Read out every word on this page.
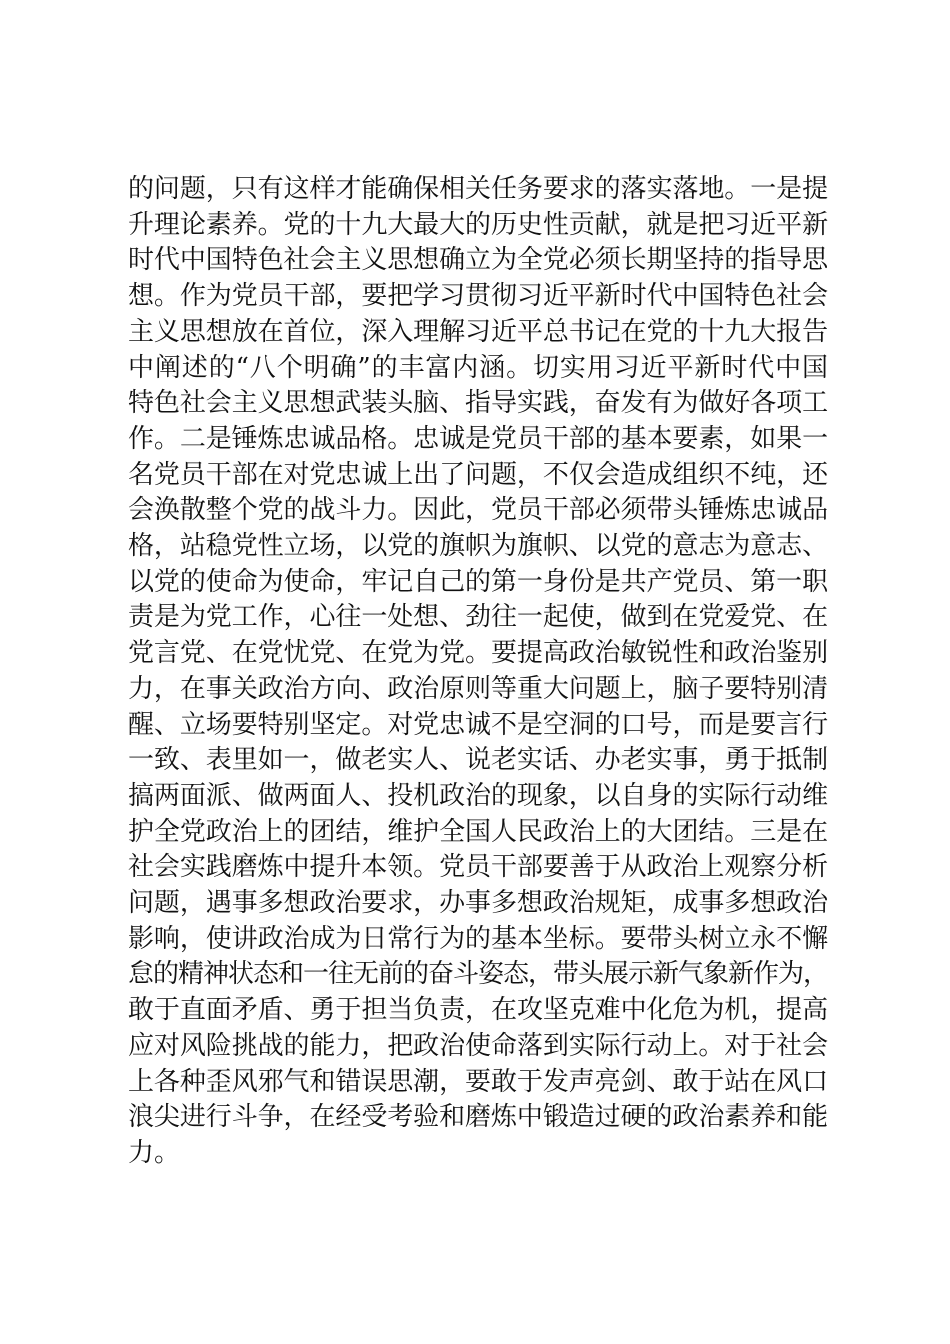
的问题，只有这样才能确保相关任务要求的落实落地。一是提
升理论素养。党的十九大最大的历史性贡献，就是把习近平新
时代中国特色社会主义思想确立为全党必须长期坚持的指导思
想。作为党员干部，要把学习贯彻习近平新时代中国特色社会
主义思想放在首位，深入理解习近平总书记在党的十九大报告
中阐述的“八个明确”的丰富内涵。切实用习近平新时代中国
特色社会主义思想武装头脑、指导实践，奋发有为做好各项工
作。二是锤炼忠诚品格。忠诚是党员干部的基本要素，如果一
名党员干部在对党忠诚上出了问题，不仅会造成组织不纯，还
会涣散整个党的战斗力。因此，党员干部必须带头锤炼忠诚品
格，站稳党性立场，以党的旗帜为旗帜、以党的意志为意志、
以党的使命为使命，牢记自己的第一身份是共产党员、第一职
责是为党工作，心往一处想、劲往一起使，做到在党爱党、在
党言党、在党忧党、在党为党。要提高政治敏锐性和政治鉴别
力，在事关政治方向、政治原则等重大问题上，脑子要特别清
醒、立场要特别坚定。对党忠诚不是空洞的口号，而是要言行
一致、表里如一，做老实人、说老实话、办老实事，勇于抵制
搞两面派、做两面人、投机政治的现象，以自身的实际行动维
护全党政治上的团结，维护全国人民政治上的大团结。三是在
社会实践磨炼中提升本领。党员干部要善于从政治上观察分析
问题，遇事多想政治要求，办事多想政治规矩，成事多想政治
影响，使讲政治成为日常行为的基本坐标。要带头树立永不懈
怠的精神状态和一往无前的奋斗姿态，带头展示新气象新作为，
敢于直面矛盾、勇于担当负责，在攻坚克难中化危为机，提高
应对风险挑战的能力，把政治使命落到实际行动上。对于社会
上各种歪风邪气和错误思潮，要敢于发声亮剑、敢于站在风口
浪尖进行斗争，在经受考验和磨炼中锻造过硬的政治素养和能
力。
